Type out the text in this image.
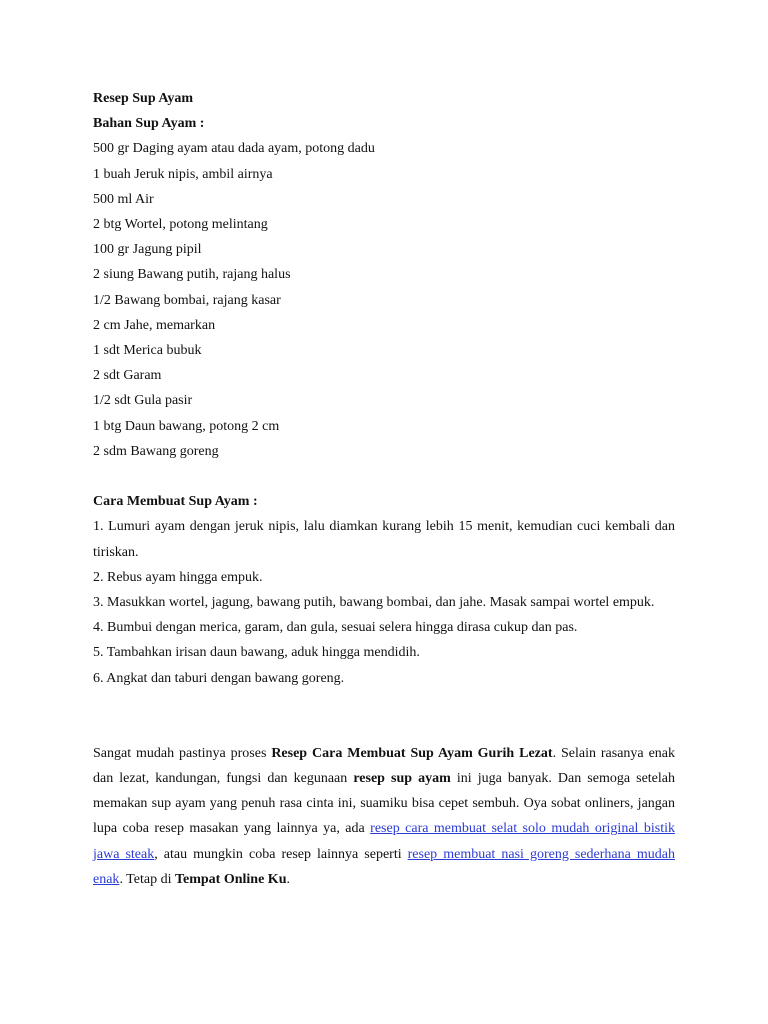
Resep Sup Ayam

Bahan Sup Ayam :

500 gr Daging ayam atau dada ayam, potong dadu

1 buah Jeruk nipis, ambil airnya

500 ml Air

2 btg Wortel, potong melintang

100 gr Jagung pipil

2 siung Bawang putih, rajang halus

1/2 Bawang bombai, rajang kasar

2 cm Jahe, memarkan

1 sdt Merica bubuk

2 sdt Garam

1/2 sdt Gula pasir

1 btg Daun bawang, potong 2 cm

2 sdm Bawang goreng

Cara Membuat Sup Ayam :

1. Lumuri ayam dengan jeruk nipis, lalu diamkan kurang lebih 15 menit, kemudian cuci kembali dan tiriskan.

2. Rebus ayam hingga empuk.

3. Masukkan wortel, jagung, bawang putih, bawang bombai, dan jahe. Masak sampai wortel empuk.

4. Bumbui dengan merica, garam, dan gula, sesuai selera hingga dirasa cukup dan pas.

5. Tambahkan irisan daun bawang, aduk hingga mendidih.

6. Angkat dan taburi dengan bawang goreng.

Sangat mudah pastinya proses Resep Cara Membuat Sup Ayam Gurih Lezat. Selain rasanya enak dan lezat, kandungan, fungsi dan kegunaan resep sup ayam ini juga banyak. Dan semoga setelah memakan sup ayam yang penuh rasa cinta ini, suamiku bisa cepet sembuh. Oya sobat onliners, jangan lupa coba resep masakan yang lainnya ya, ada resep cara membuat selat solo mudah original bistik jawa steak, atau mungkin coba resep lainnya seperti resep membuat nasi goreng sederhana mudah enak. Tetap di Tempat Online Ku.
